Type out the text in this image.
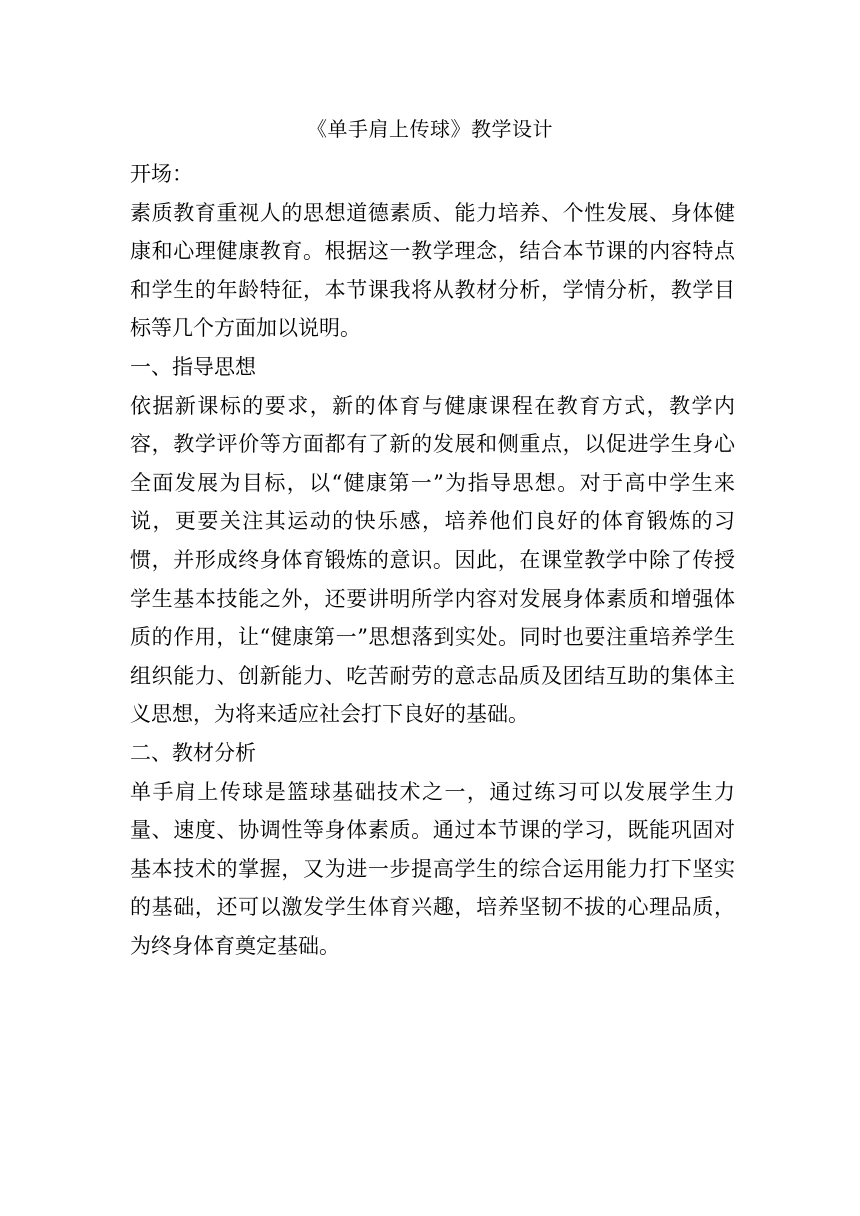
《单手肩上传球》教学设计

开场：

素质教育重视人的思想道德素质、能力培养、个性发展、身体健康和心理健康教育。根据这一教学理念，结合本节课的内容特点和学生的年龄特征，本节课我将从教材分析，学情分析，教学目标等几个方面加以说明。

一、指导思想

依据新课标的要求，新的体育与健康课程在教育方式，教学内容，教学评价等方面都有了新的发展和侧重点，以促进学生身心全面发展为目标，以“健康第一”为指导思想。对于高中学生来说，更要关注其运动的快乐感，培养他们良好的体育锻炼的习惯，并形成终身体育锻炼的意识。因此，在课堂教学中除了传授学生基本技能之外，还要讲明所学内容对发展身体素质和增强体质的作用，让“健康第一”思想落到实处。同时也要注重培养学生组织能力、创新能力、吃苦耐劳的意志品质及团结互助的集体主义思想，为将来适应社会打下良好的基础。

二、教材分析

单手肩上传球是篮球基础技术之一，通过练习可以发展学生力量、速度、协调性等身体素质。通过本节课的学习，既能巩固对基本技术的掌握，又为进一步提高学生的综合运用能力打下坚实的基础，还可以激发学生体育兴趣，培养坚韧不拔的心理品质，为终身体育奠定基础。
